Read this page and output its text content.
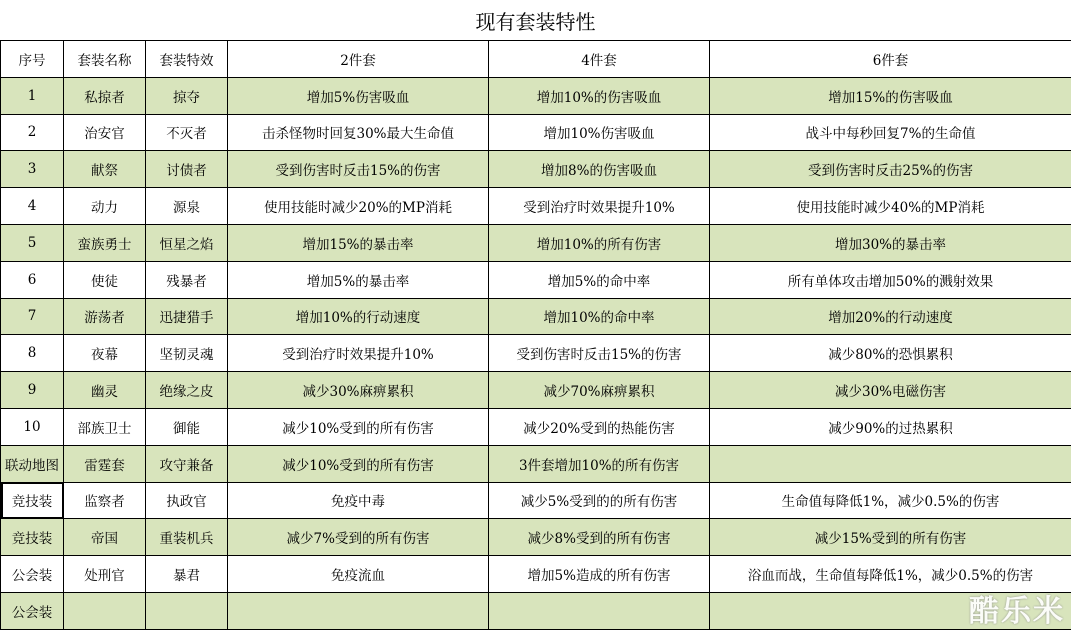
现有套装特性
序号	套装名称	套装特效	2件套	4件套	6件套
1	私掠者	掠夺	增加5%伤害吸血	增加10%的伤害吸血	增加15%的伤害吸血
2	治安官	不灭者	击杀怪物时回复30%最大生命值	增加10%伤害吸血	战斗中每秒回复7%的生命值
3	献祭	讨债者	受到伤害时反击15%的伤害	增加8%的伤害吸血	受到伤害时反击25%的伤害
4	动力	源泉	使用技能时减少20%的MP消耗	受到治疗时效果提升10%	使用技能时减少40%的MP消耗
5	蛮族勇士	恒星之焰	增加15%的暴击率	增加10%的所有伤害	增加30%的暴击率
6	使徒	残暴者	增加5%的暴击率	增加5%的命中率	所有单体攻击增加50%的溅射效果
7	游荡者	迅捷猎手	增加10%的行动速度	增加10%的命中率	增加20%的行动速度
8	夜幕	坚韧灵魂	受到治疗时效果提升10%	受到伤害时反击15%的伤害	减少80%的恐惧累积
9	幽灵	绝缘之皮	减少30%麻痹累积	减少70%麻痹累积	减少30%电磁伤害
10	部族卫士	御能	减少10%受到的所有伤害	减少20%受到的热能伤害	减少90%的过热累积
联动地图	雷霆套	攻守兼备	减少10%受到的所有伤害	3件套增加10%的所有伤害	
竞技装	监察者	执政官	免疫中毒	减少5%受到的的所有伤害	生命值每降低1%，减少0.5%的伤害
竞技装	帝国	重装机兵	减少7%受到的所有伤害	减少8%受到的所有伤害	减少15%受到的所有伤害
公会装	处刑官	暴君	免疫流血	增加5%造成的所有伤害	浴血而战，生命值每降低1%，减少0.5%的伤害
公会装						酷乐米
